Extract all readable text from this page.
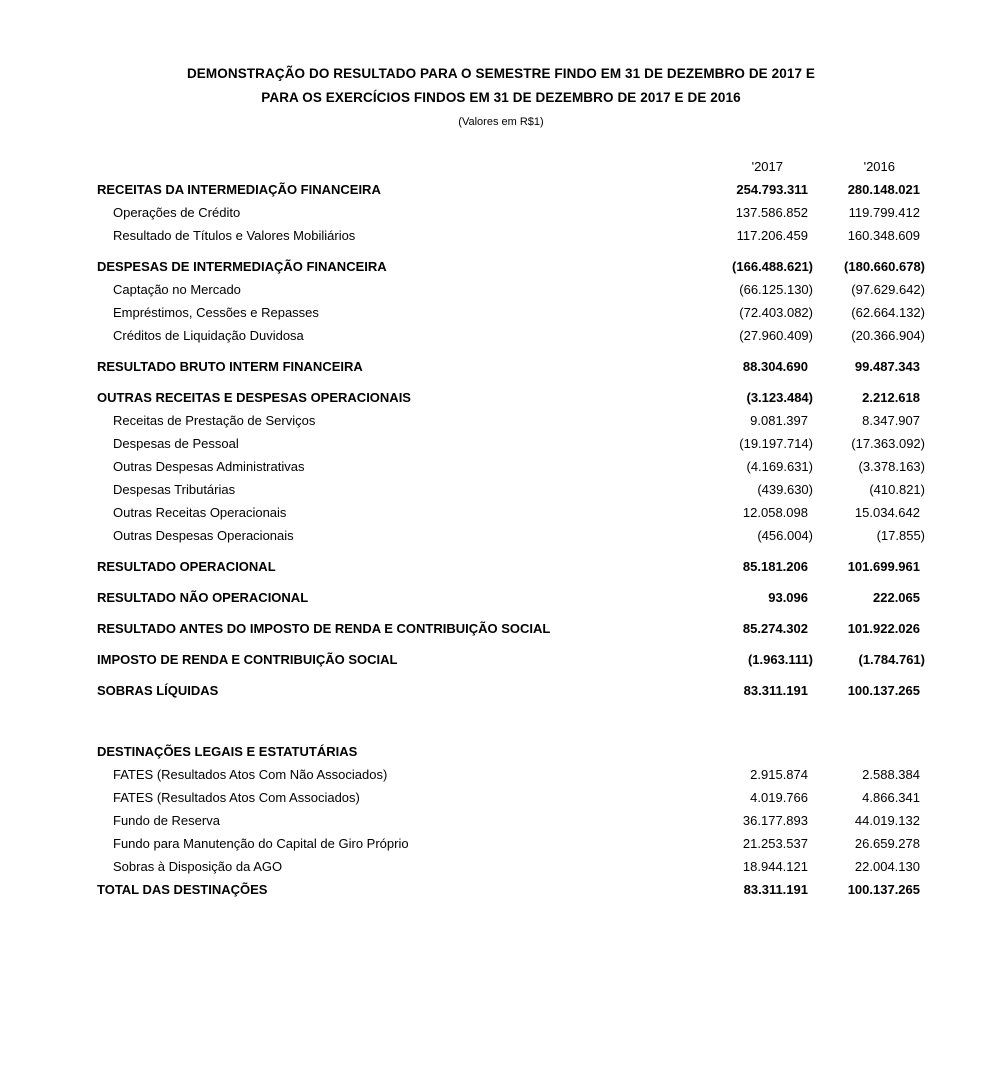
DEMONSTRAÇÃO DO RESULTADO PARA O SEMESTRE FINDO EM 31 DE DEZEMBRO DE 2017 E
PARA OS EXERCÍCIOS FINDOS EM 31 DE DEZEMBRO DE 2017 E DE 2016
(Valores em R$1)
'2017	'2016
RECEITAS DA INTERMEDIAÇÃO FINANCEIRA	254.793.311	280.148.021
Operações de Crédito	137.586.852	119.799.412
Resultado de Títulos e Valores Mobiliários	117.206.459	160.348.609
DESPESAS DE INTERMEDIAÇÃO FINANCEIRA	(166.488.621)	(180.660.678)
Captação no Mercado	(66.125.130)	(97.629.642)
Empréstimos, Cessões e Repasses	(72.403.082)	(62.664.132)
Créditos de Liquidação Duvidosa	(27.960.409)	(20.366.904)
RESULTADO BRUTO INTERM FINANCEIRA	88.304.690	99.487.343
OUTRAS RECEITAS E DESPESAS OPERACIONAIS	(3.123.484)	2.212.618
Receitas de Prestação de Serviços	9.081.397	8.347.907
Despesas de Pessoal	(19.197.714)	(17.363.092)
Outras Despesas Administrativas	(4.169.631)	(3.378.163)
Despesas Tributárias	(439.630)	(410.821)
Outras Receitas Operacionais	12.058.098	15.034.642
Outras Despesas Operacionais	(456.004)	(17.855)
RESULTADO OPERACIONAL	85.181.206	101.699.961
RESULTADO NÃO OPERACIONAL	93.096	222.065
RESULTADO ANTES DO IMPOSTO DE RENDA E CONTRIBUIÇÃO SOCIAL	85.274.302	101.922.026
IMPOSTO DE RENDA E CONTRIBUIÇÃO SOCIAL	(1.963.111)	(1.784.761)
SOBRAS LÍQUIDAS	83.311.191	100.137.265
DESTINAÇÕES LEGAIS E ESTATUTÁRIAS
FATES (Resultados Atos Com Não Associados)	2.915.874	2.588.384
FATES (Resultados Atos Com Associados)	4.019.766	4.866.341
Fundo de Reserva	36.177.893	44.019.132
Fundo para Manutenção do Capital de Giro Próprio	21.253.537	26.659.278
Sobras à Disposição da AGO	18.944.121	22.004.130
TOTAL DAS DESTINAÇÕES	83.311.191	100.137.265
